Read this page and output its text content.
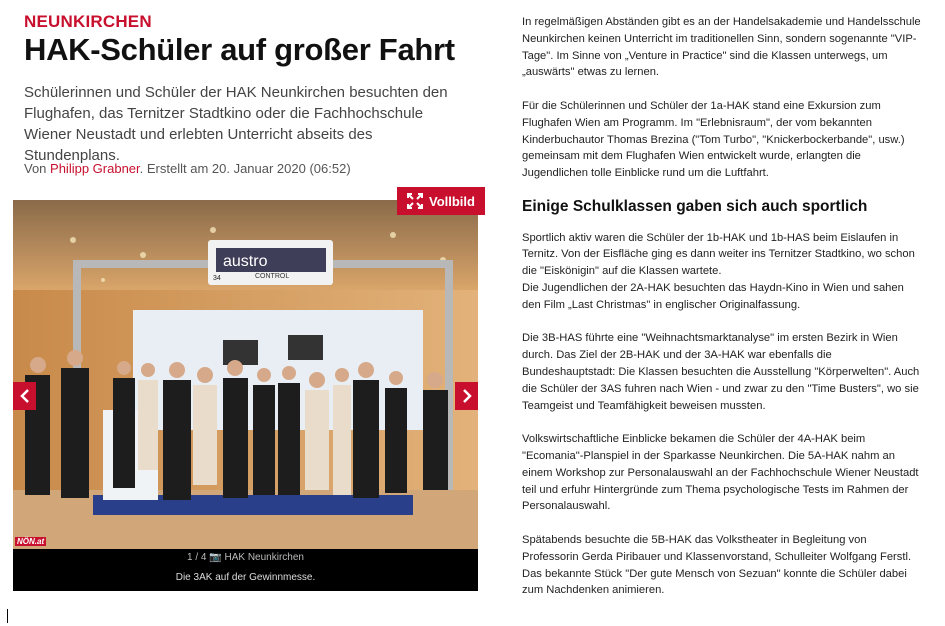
NEUNKIRCHEN
HAK-Schüler auf großer Fahrt
Schülerinnen und Schüler der HAK Neunkirchen besuchten den Flughafen, das Ternitzer Stadtkino oder die Fachhochschule Wiener Neustadt und erlebten Unterricht abseits des Stundenplans.
Von Philipp Grabner. Erstellt am 20. Januar 2020 (06:52)
Vollbild
austro
CONTROL
34
NÖN.at
1 / 4 📷 HAK Neunkirchen
Die 3AK auf der Gewinnmesse.

In regelmäßigen Abständen gibt es an der Handelsakademie und Handelsschule Neunkirchen keinen Unterricht im traditionellen Sinn, sondern sogenannte "VIP-Tage". Im Sinne von „Venture in Practice" sind die Klassen unterwegs, um „auswärts" etwas zu lernen.

Für die Schülerinnen und Schüler der 1a-HAK stand eine Exkursion zum Flughafen Wien am Programm. Im "Erlebnisraum", der vom bekannten Kinderbuchautor Thomas Brezina ("Tom Turbo", "Knickerbockerbande", usw.) gemeinsam mit dem Flughafen Wien entwickelt wurde, erlangten die Jugendlichen tolle Einblicke rund um die Luftfahrt.

Einige Schulklassen gaben sich auch sportlich

Sportlich aktiv waren die Schüler der 1b-HAK und 1b-HAS beim Eislaufen in Ternitz. Von der Eisfläche ging es dann weiter ins Ternitzer Stadtkino, wo schon die "Eiskönigin" auf die Klassen wartete.
Die Jugendlichen der 2A-HAK besuchten das Haydn-Kino in Wien und sahen den Film „Last Christmas" in englischer Originalfassung.

Die 3B-HAS führte eine "Weihnachtsmarktanalyse" im ersten Bezirk in Wien durch. Das Ziel der 2B-HAK und der 3A-HAK war ebenfalls die Bundeshauptstadt: Die Klassen besuchten die Ausstellung "Körperwelten". Auch die Schüler der 3AS fuhren nach Wien - und zwar zu den "Time Busters", wo sie Teamgeist und Teamfähigkeit beweisen mussten.

Volkswirtschaftliche Einblicke bekamen die Schüler der 4A-HAK beim "Ecomania"-Planspiel in der Sparkasse Neunkirchen. Die 5A-HAK nahm an einem Workshop zur Personalauswahl an der Fachhochschule Wiener Neustadt teil und erfuhr Hintergründe zum Thema psychologische Tests im Rahmen der Personalauswahl.

Spätabends besuchte die 5B-HAK das Volkstheater in Begleitung von Professorin Gerda Piribauer und Klassenvorstand, Schulleiter Wolfgang Ferstl. Das bekannte Stück "Der gute Mensch von Sezuan" konnte die Schüler dabei zum Nachdenken animieren.
